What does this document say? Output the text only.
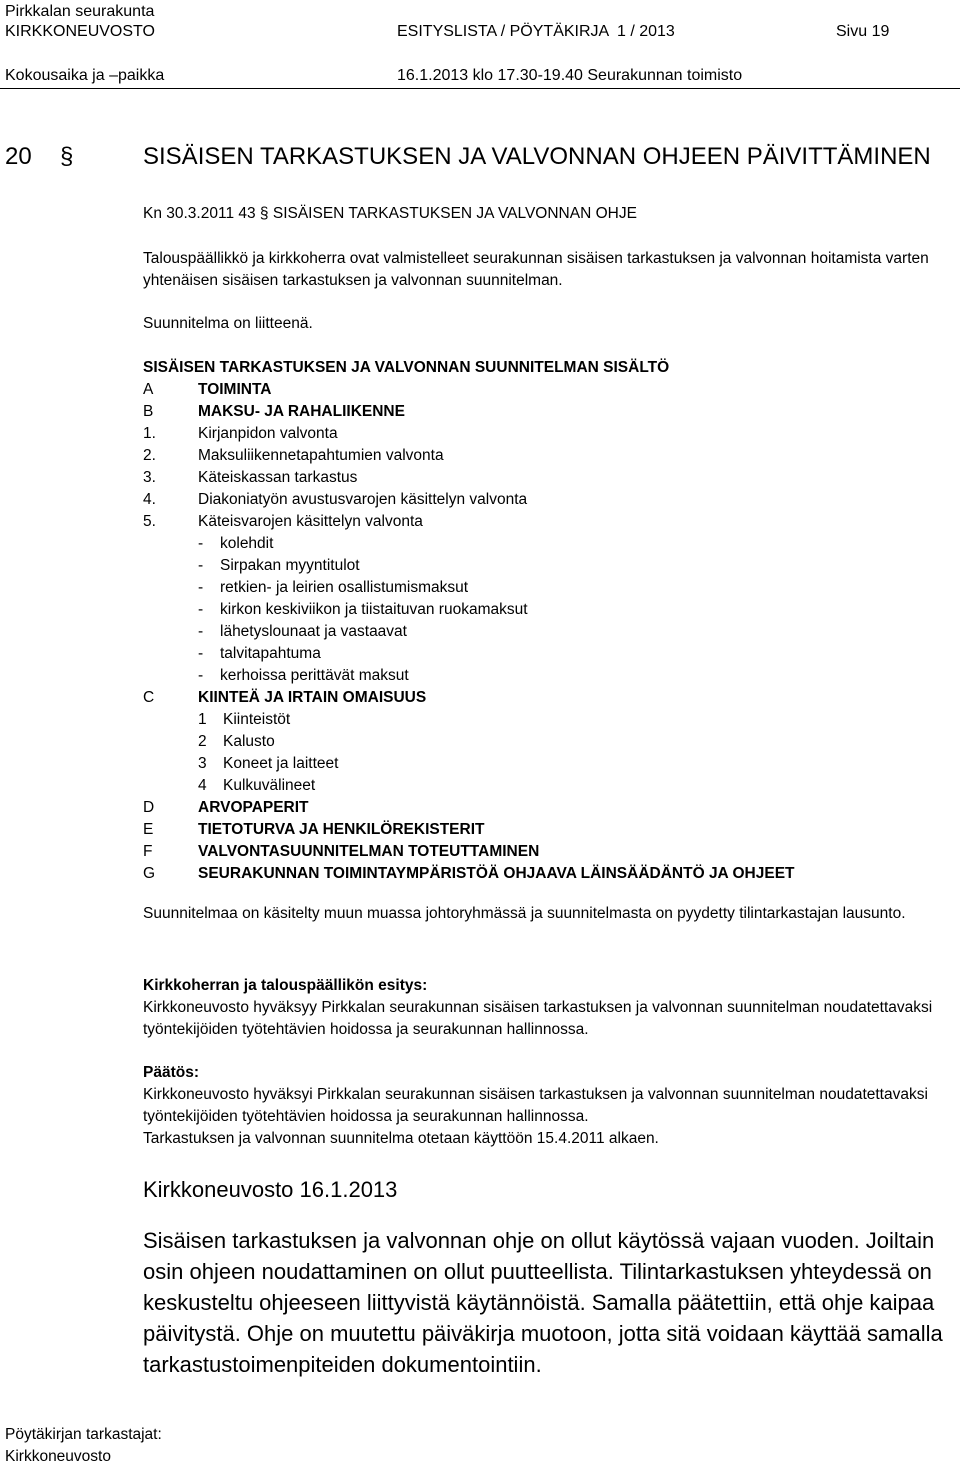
Pirkkalan seurakunta
KIRKKONEUVOSTO	ESITYSLISTA / PÖYTÄKIRJA 1 / 2013	Sivu 19
Kokousaika ja –paikka	16.1.2013 klo 17.30-19.40 Seurakunnan toimisto
20 §	SISÄISEN TARKASTUKSEN JA VALVONNAN OHJEEN PÄIVITTÄMINEN
Kn 30.3.2011 43 § SISÄISEN TARKASTUKSEN JA VALVONNAN OHJE
Talouspäällikkö ja kirkkoherra ovat valmistelleet seurakunnan sisäisen tarkastuksen ja valvonnan hoitamista varten yhtenäisen sisäisen tarkastuksen ja valvonnan suunnitelman.
Suunnitelma on liitteenä.
SISÄISEN TARKASTUKSEN JA VALVONNAN SUUNNITELMAN SISÄLTÖ
A	TOIMINTA
B	MAKSU- JA RAHALIIKENNE
1.	Kirjanpidon valvonta
2.	Maksuliikennetapahtumien valvonta
3.	Käteiskassan tarkastus
4.	Diakoniatyön avustusvarojen käsittelyn valvonta
5.	Käteisvarojen käsittelyn valvonta
- kolehdit
- Sirpakan myyntitulot
- retkien- ja leirien osallistumismaksut
- kirkon keskiviikon ja tiistaituvan ruokamaksut
- lähetyslounaat ja vastaavat
- talvitapahtuma
- kerhoissa perittävät maksut
C	KIINTEÄ JA IRTAIN OMAISUUS
1 Kiinteistöt
2 Kalusto
3 Koneet ja laitteet
4 Kulkuvälineet
D	ARVOPAPERIT
E	TIETOTURVA JA HENKILÖREKISTERIT
F	VALVONTASUUNNITELMAN TOTEUTTAMINEN
G	SEURAKUNNAN TOIMINTAYMPÄRISTÖÄ OHJAAVA LÄINSÄÄDÄNTÖ JA OHJEET
Suunnitelmaa on käsitelty muun muassa johtoryhmässä ja suunnitelmasta on pyydetty tilintarkastajan lausunto.
Kirkkoherran ja talouspäällikön esitys:
Kirkkoneuvosto hyväksyy Pirkkalan seurakunnan sisäisen tarkastuksen ja valvonnan suunnitelman noudatettavaksi työntekijöiden työtehtävien hoidossa ja seurakunnan hallinnossa.
Päätös:
Kirkkoneuvosto hyväksyi Pirkkalan seurakunnan sisäisen tarkastuksen ja valvonnan suunnitelman noudatettavaksi työntekijöiden työtehtävien hoidossa ja seurakunnan hallinnossa.
Tarkastuksen ja valvonnan suunnitelma otetaan käyttöön 15.4.2011 alkaen.
Kirkkoneuvosto 16.1.2013
Sisäisen tarkastuksen ja valvonnan ohje on ollut käytössä vajaan vuoden. Joiltain osin ohjeen noudattaminen on ollut puutteellista. Tilintarkastuksen yhteydessä on keskusteltu ohjeeseen liittyvistä käytännöistä. Samalla päätettiin, että ohje kaipaa päivitystä. Ohje on muutettu päiväkirja muotoon, jotta sitä voidaan käyttää samalla tarkastustoimenpiteiden dokumentointiin.
Pöytäkirjan tarkastajat:
Kirkkoneuvosto
